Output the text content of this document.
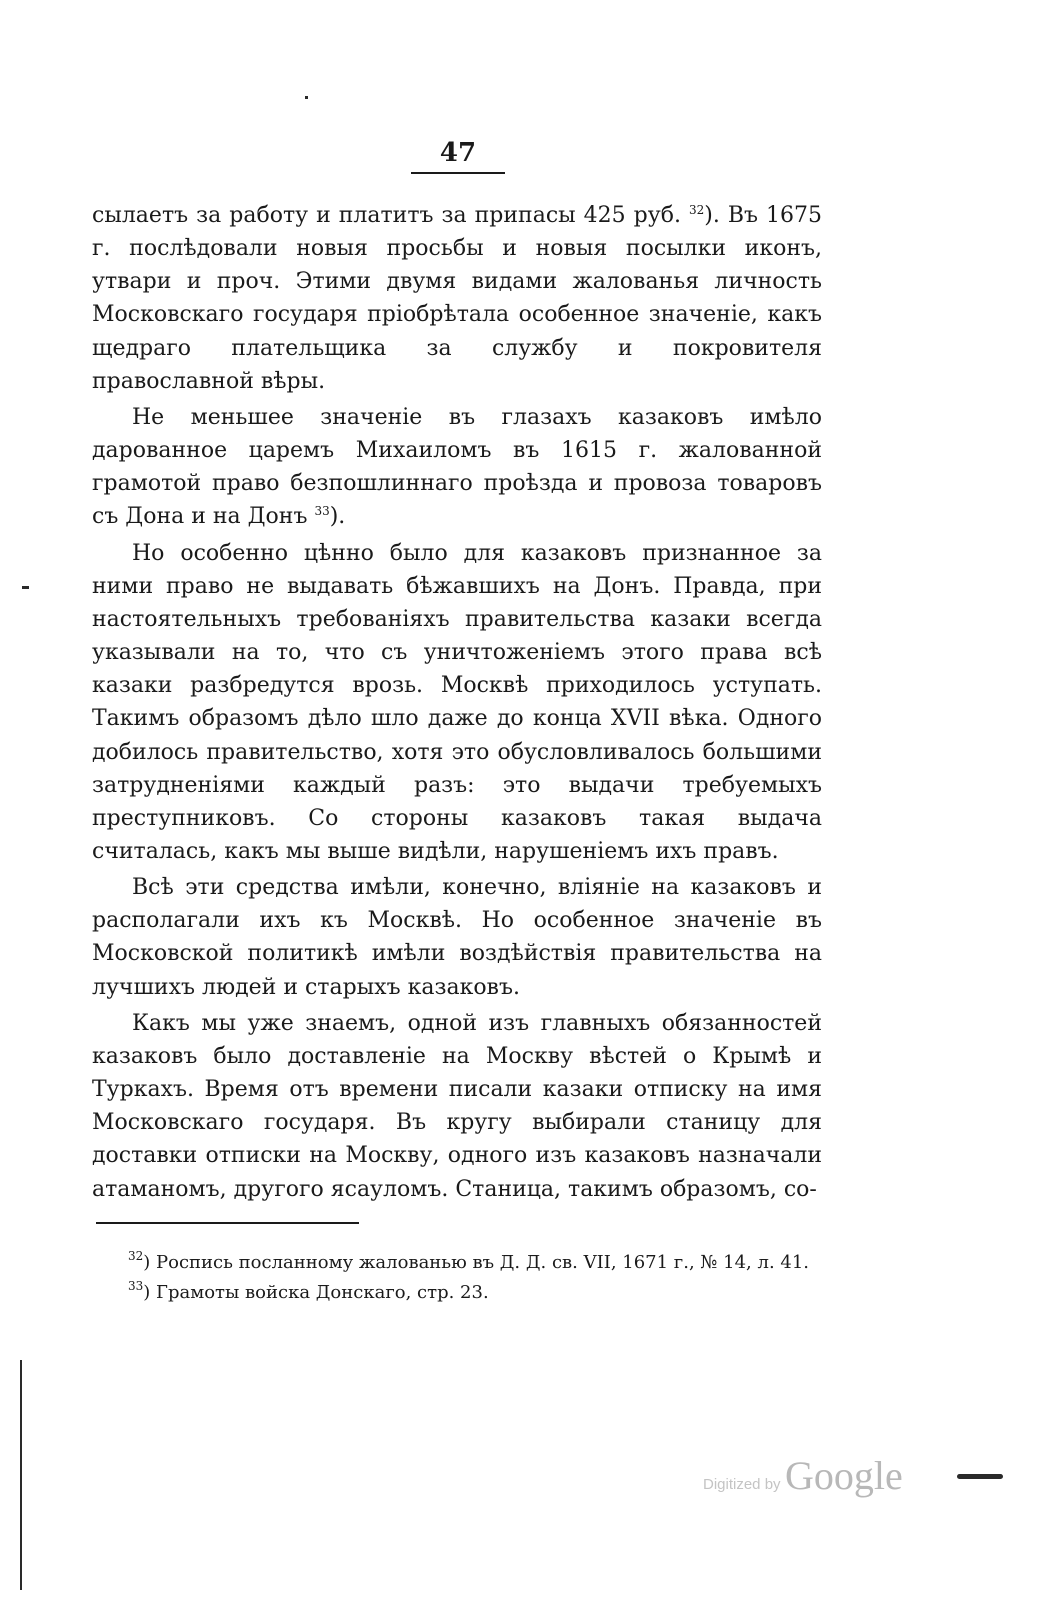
47

сылаетъ за работу и платитъ за припасы 425 руб. $^{32}$). Въ 1675 г. послѣдовали новыя просьбы и новыя посылки иконъ, утвари и проч. Этими двумя видами жалованья личность Московскаго государя пріобрѣтала особенное значеніе, какъ щедраго плательщика за службу и покровителя православной вѣры.

Не меньшее значеніе въ глазахъ казаковъ имѣло дарованное царемъ Михаиломъ въ 1615 г. жалованной грамотой право безпошлиннаго проѣзда и провоза товаровъ съ Дона и на Донъ $^{33}$).

Но особенно цѣнно было для казаковъ признанное за ними право не выдавать бѣжавшихъ на Донъ. Правда, при настоятельныхъ требованіяхъ правительства казаки всегда указывали на то, что съ уничтоженіемъ этого права всѣ казаки разбредутся врозь. Москвѣ приходилось уступать. Такимъ образомъ дѣло шло даже до конца XVII вѣка. Одного добилось правительство, хотя это обусловливалось большими затрудненіями каждый разъ: это выдачи требуемыхъ преступниковъ. Со стороны казаковъ такая выдача считалась, какъ мы выше видѣли, нарушеніемъ ихъ правъ.

Всѣ эти средства имѣли, конечно, вліяніе на казаковъ и располагали ихъ къ Москвѣ. Но особенное значеніе въ Московской политикѣ имѣли воздѣйствія правительства на лучшихъ людей и старыхъ казаковъ.

Какъ мы уже знаемъ, одной изъ главныхъ обязанностей казаковъ было доставленіе на Москву вѣстей о Крымѣ и Туркахъ. Время отъ времени писали казаки отписку на имя Московскаго государя. Въ кругу выбирали станицу для доставки отписки на Москву, одного изъ казаковъ назначали атаманомъ, другого ясауломъ. Станица, такимъ образомъ, со-

$^{32}$) Роспись посланному жалованью въ Д. Д. св. VII, 1671 г., № 14, л. 41.

$^{33}$) Грамоты войска Донскаго, стр. 23.

Digitized by Google
